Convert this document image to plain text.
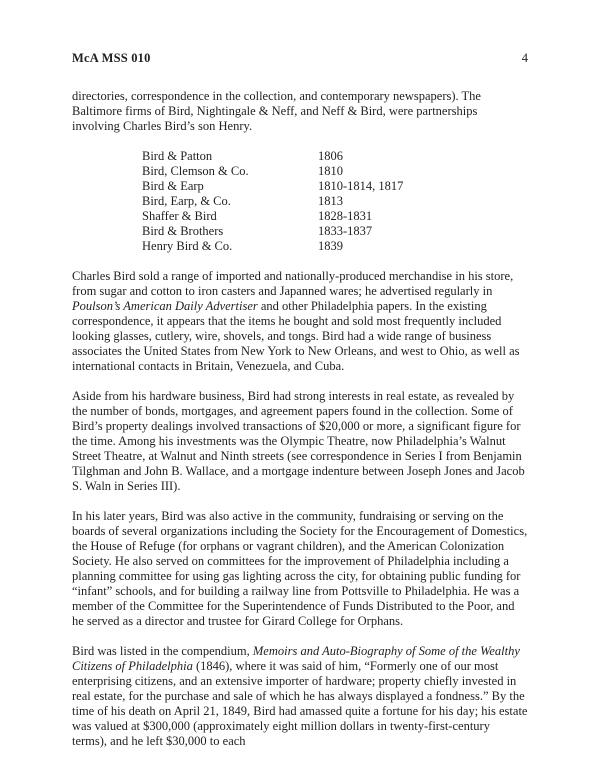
McA MSS 010	4

directories, correspondence in the collection, and contemporary newspapers). The Baltimore firms of Bird, Nightingale & Neff, and Neff & Bird, were partnerships involving Charles Bird’s son Henry.

Bird & Patton	1806
Bird, Clemson & Co.	1810
Bird & Earp	1810-1814, 1817
Bird, Earp, & Co.	1813
Shaffer & Bird	1828-1831
Bird & Brothers	1833-1837
Henry Bird & Co.	1839

Charles Bird sold a range of imported and nationally-produced merchandise in his store, from sugar and cotton to iron casters and Japanned wares; he advertised regularly in Poulson’s American Daily Advertiser and other Philadelphia papers. In the existing correspondence, it appears that the items he bought and sold most frequently included looking glasses, cutlery, wire, shovels, and tongs. Bird had a wide range of business associates the United States from New York to New Orleans, and west to Ohio, as well as international contacts in Britain, Venezuela, and Cuba.

Aside from his hardware business, Bird had strong interests in real estate, as revealed by the number of bonds, mortgages, and agreement papers found in the collection. Some of Bird’s property dealings involved transactions of $20,000 or more, a significant figure for the time. Among his investments was the Olympic Theatre, now Philadelphia’s Walnut Street Theatre, at Walnut and Ninth streets (see correspondence in Series I from Benjamin Tilghman and John B. Wallace, and a mortgage indenture between Joseph Jones and Jacob S. Waln in Series III).

In his later years, Bird was also active in the community, fundraising or serving on the boards of several organizations including the Society for the Encouragement of Domestics, the House of Refuge (for orphans or vagrant children), and the American Colonization Society. He also served on committees for the improvement of Philadelphia including a planning committee for using gas lighting across the city, for obtaining public funding for “infant” schools, and for building a railway line from Pottsville to Philadelphia. He was a member of the Committee for the Superintendence of Funds Distributed to the Poor, and he served as a director and trustee for Girard College for Orphans.

Bird was listed in the compendium, Memoirs and Auto-Biography of Some of the Wealthy Citizens of Philadelphia (1846), where it was said of him, “Formerly one of our most enterprising citizens, and an extensive importer of hardware; property chiefly invested in real estate, for the purchase and sale of which he has always displayed a fondness.” By the time of his death on April 21, 1849, Bird had amassed quite a fortune for his day; his estate was valued at $300,000 (approximately eight million dollars in twenty-first-century terms), and he left $30,000 to each
